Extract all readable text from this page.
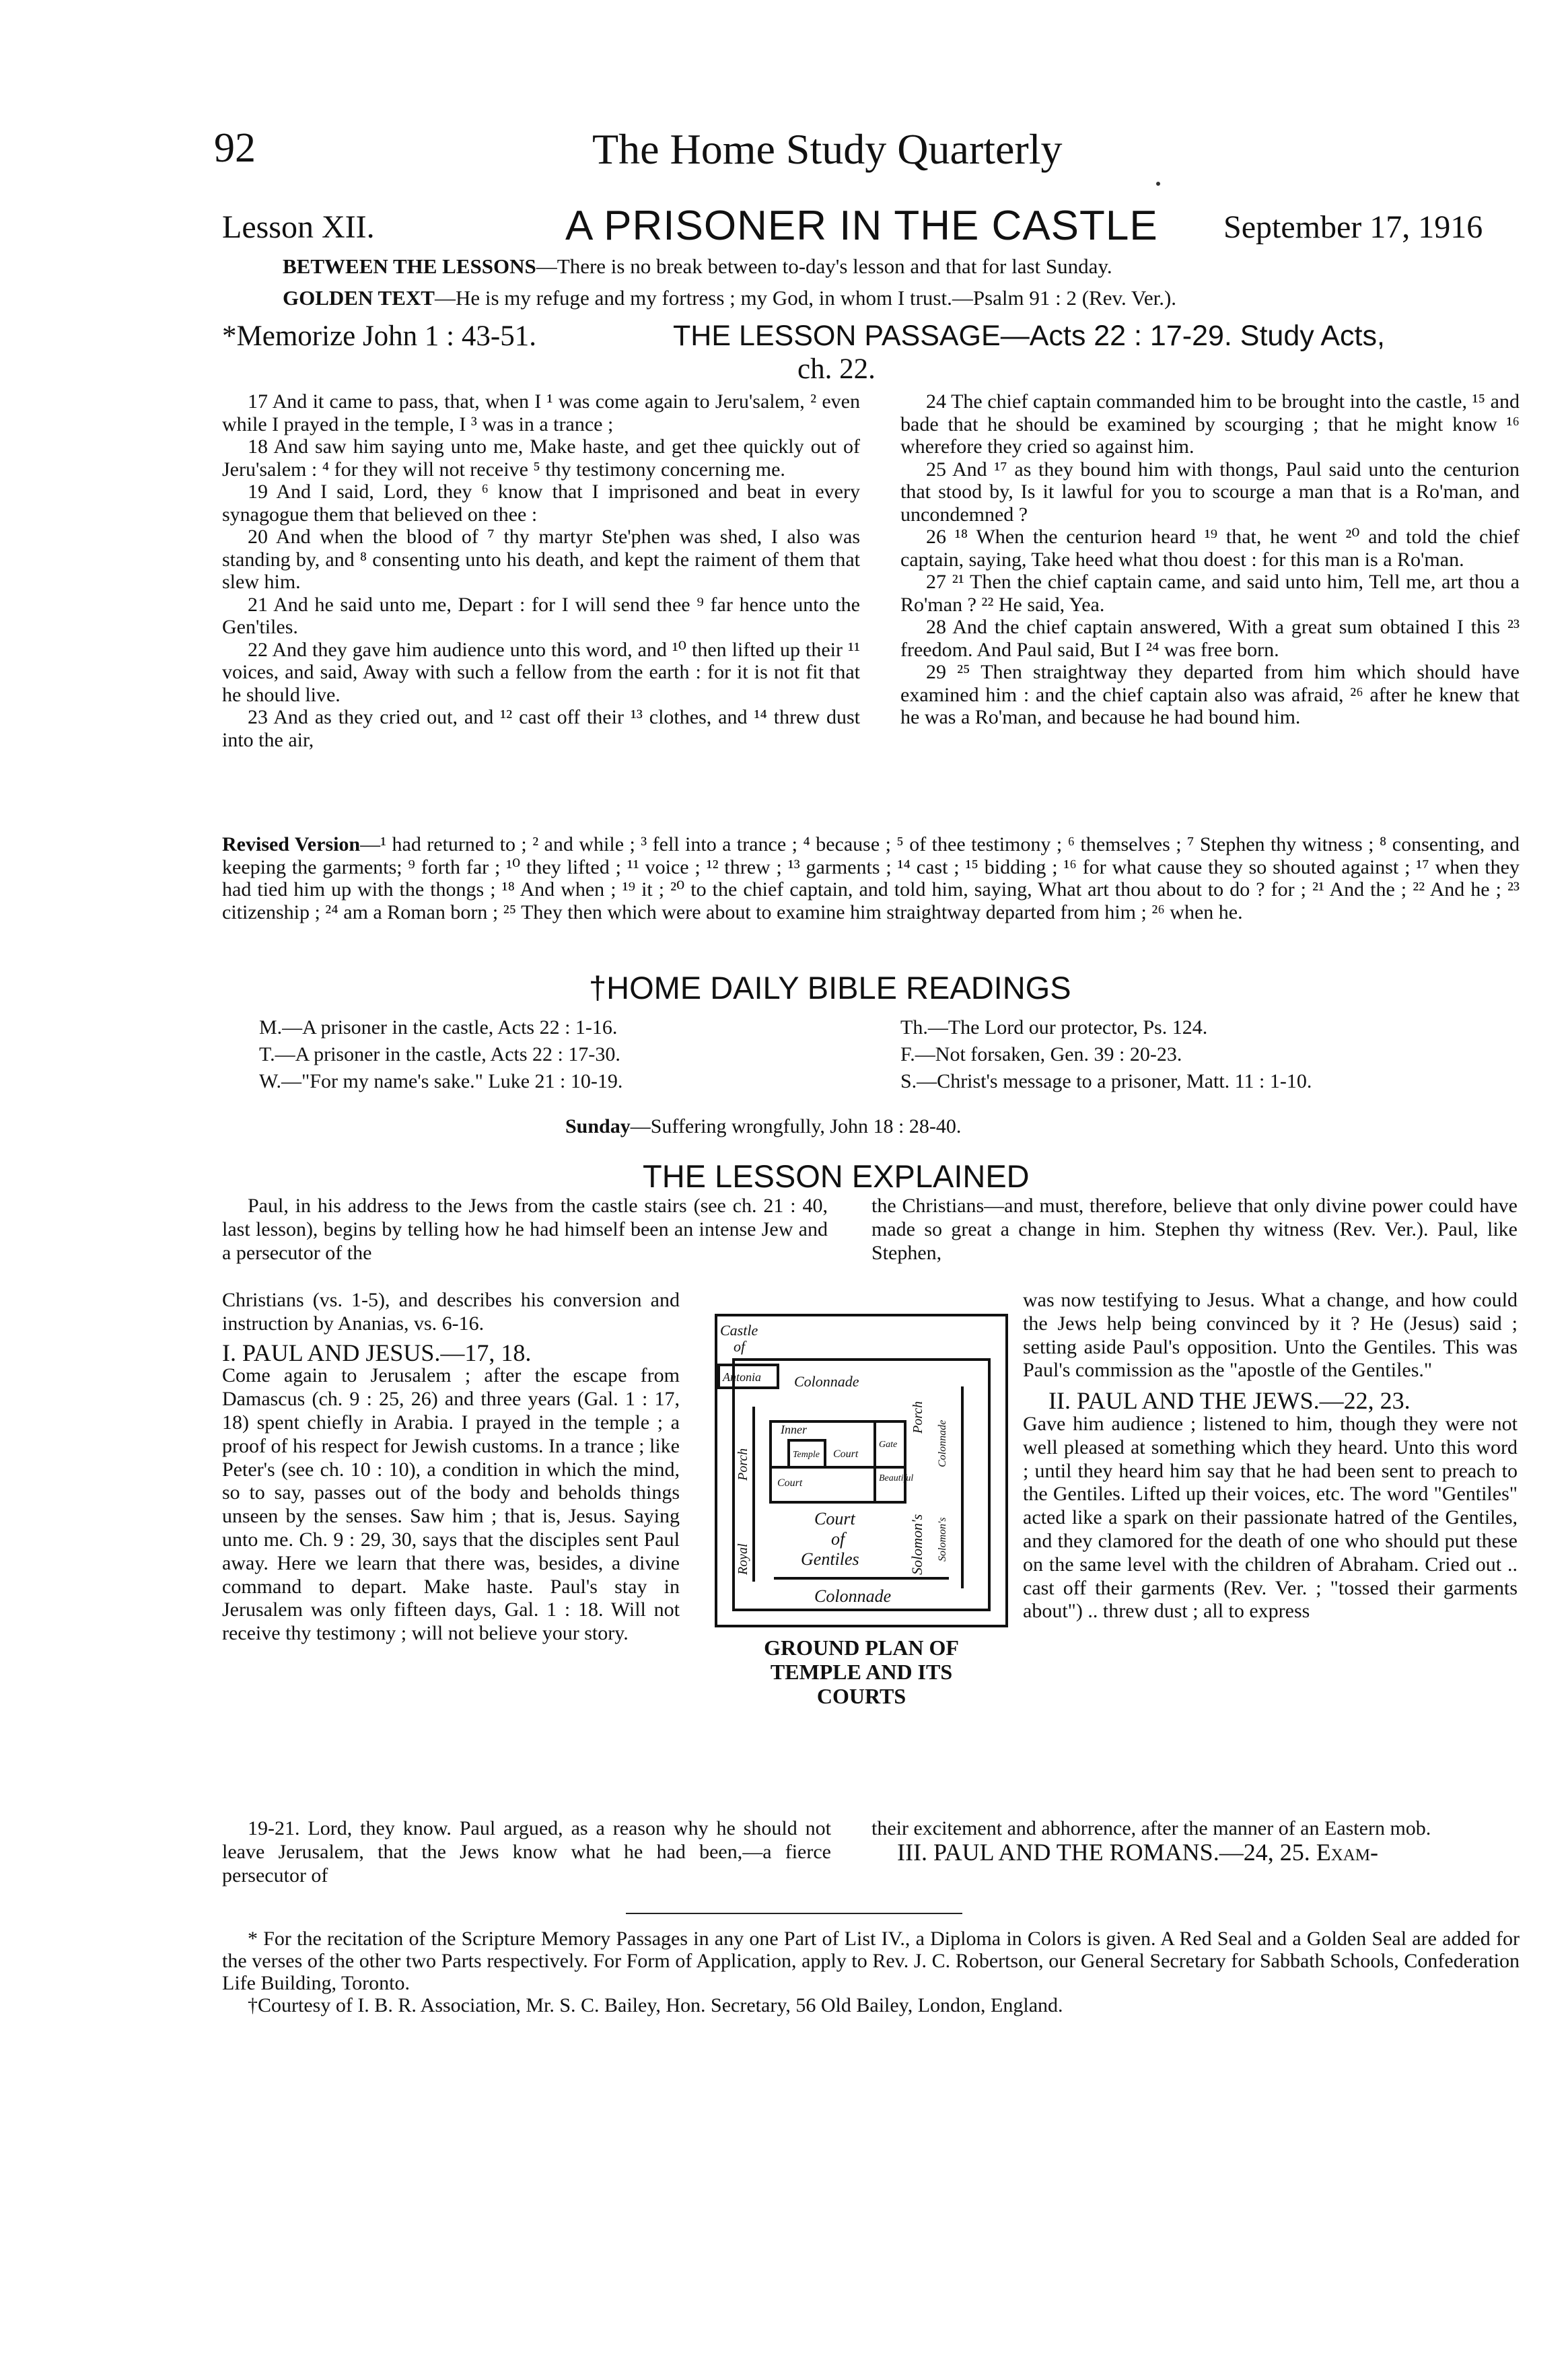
92	The Home Study Quarterly
Lesson XII.	A PRISONER IN THE CASTLE September 17, 1916
BETWEEN THE LESSONS—There is no break between to-day's lesson and that for last Sunday.
GOLDEN TEXT—He is my refuge and my fortress ; my God, in whom I trust.—Psalm 91 : 2 (Rev. Ver.).
*Memorize John 1 : 43-51.	THE LESSON PASSAGE—Acts 22 : 17-29. Study Acts,
ch. 22.

17 And it came to pass, that, when I ¹ was come again to Jeru'salem, ² even while I prayed in the temple, I ³ was in a trance ;

18 And saw him saying unto me, Make haste, and get thee quickly out of Jeru'salem : ⁴ for they will not receive ⁵ thy testimony concerning me.

19 And I said, Lord, they ⁶ know that I imprisoned and beat in every synagogue them that believed on thee :

20 And when the blood of ⁷ thy martyr Ste'phen was shed, I also was standing by, and ⁸ consenting unto his death, and kept the raiment of them that slew him.

21 And he said unto me, Depart : for I will send thee ⁹ far hence unto the Gen'tiles.

22 And they gave him audience unto this word, and ¹⁰ then lifted up their ¹¹ voices, and said, Away with such a fellow from the earth : for it is not fit that he should live.

23 And as they cried out, and ¹² cast off their ¹³ clothes, and ¹⁴ threw dust into the air,

24 The chief captain commanded him to be brought into the castle, ¹⁵ and bade that he should be examined by scourging ; that he might know ¹⁶ wherefore they cried so against him.

25 And ¹⁷ as they bound him with thongs, Paul said unto the centurion that stood by, Is it lawful for you to scourge a man that is a Ro'man, and uncondemned ?

26 ¹⁸ When the centurion heard ¹⁹ that, he went ²⁰ and told the chief captain, saying, Take heed what thou doest : for this man is a Ro'man.

27 ²¹ Then the chief captain came, and said unto him, Tell me, art thou a Ro'man ? ²² He said, Yea.

28 And the chief captain answered, With a great sum obtained I this ²³ freedom. And Paul said, But I ²⁴ was free born.

29 ²⁵ Then straightway they departed from him which should have examined him : and the chief captain also was afraid, ²⁶ after he knew that he was a Ro'man, and because he had bound him.

Revised Version—¹ had returned to ; ² and while ; ³ fell into a trance ; ⁴ because ; ⁵ of thee testimony ; ⁶ themselves ; ⁷ Stephen thy witness ; ⁸ consenting, and keeping the garments; ⁹ forth far ; ¹⁰ they lifted ; ¹¹ voice ; ¹² threw ; ¹³ garments ; ¹⁴ cast ; ¹⁵ bidding ; ¹⁶ for what cause they so shouted against ; ¹⁷ when they had tied him up with the thongs ; ¹⁸ And when ; ¹⁹ it ; ²⁰ to the chief captain, and told him, saying, What art thou about to do ? for ; ²¹ And the ; ²² And he ; ²³ citizenship ; ²⁴ am a Roman born ; ²⁵ They then which were about to examine him straightway departed from him ; ²⁶ when he.
†HOME DAILY BIBLE READINGS
M.—A prisoner in the castle, Acts 22 : 1-16.
T.—A prisoner in the castle, Acts 22 : 17-30.
W.—"For my name's sake." Luke 21 : 10-19.
Th.—The Lord our protector, Ps. 124.
F.—Not forsaken, Gen. 39 : 20-23.
S.—Christ's message to a prisoner, Matt. 11 : 1-10.
Sunday—Suffering wrongfully, John 18 : 28-40.
THE LESSON EXPLAINED

Paul, in his address to the Jews from the castle stairs (see ch. 21 : 40, last lesson), begins by telling how he had himself been an intense Jew and a persecutor of the

Christians (vs. 1-5), and describes his conversion and instruction by Ananias, vs. 6-16.

I. PAUL AND JESUS.—17, 18.

Come again to Jerusalem ; after the escape from Damascus (ch. 9 : 25, 26) and three years (Gal. 1 : 17, 18) spent chiefly in Arabia. I prayed in the temple ; a proof of his respect for Jewish customs. In a trance ; like Peter's (see ch. 10 : 10), a condition in which the mind, so to say, passes out of the body and beholds things unseen by the senses. Saw him ; that is, Jesus. Saying unto me. Ch. 9 : 29, 30, says that the disciples sent Paul away. Here we learn that there was, besides, a divine command to depart. Make haste. Paul's stay in Jerusalem was only fifteen days, Gal. 1 : 18. Will not receive thy testimony ; will not believe your story.

19-21. Lord, they know. Paul argued, as a reason why he should not leave Jerusalem, that the Jews know what he had been,—a fierce persecutor of

the Christians—and must, therefore, believe that only divine power could have made so great a change in him. Stephen thy witness (Rev. Ver.). Paul, like Stephen,

was now testifying to Jesus. What a change, and how could the Jews help being convinced by it ? He (Jesus) said ; setting aside Paul's opposition. Unto the Gentiles. This was Paul's commission as the "apostle of the Gentiles."

II. PAUL AND THE JEWS.—22, 23.

Gave him audience ; listened to him, though they were not well pleased at something which they heard. Unto this word ; until they heard him say that he had been sent to preach to the Gentiles. Lifted up their voices, etc. The word "Gentiles" acted like a spark on their passionate hatred of the Gentiles, and they clamored for the death of one who should put these on the same level with the children of Abraham. Cried out .. cast off their garments (Rev. Ver. ; "tossed their garments about") .. threw dust ; all to express

their excitement and abhorrence, after the manner of an Eastern mob.

III. PAUL AND THE ROMANS.—24, 25. Exam-

Castle
of
Antonia Colonnade
Inner
Temple Court
Court
Gate
Beautiful
Court
of
Gentiles
Colonnade
Solomon's
Porch
Solomon's
Colonnade
Royal
Porch
GROUND PLAN OF
TEMPLE AND ITS
COURTS

* For the recitation of the Scripture Memory Passages in any one Part of List IV., a Diploma in Colors is given. A Red Seal and a Golden Seal are added for the verses of the other two Parts respectively. For Form of Application, apply to Rev. J. C. Robertson, our General Secretary for Sabbath Schools, Confederation Life Building, Toronto.

†Courtesy of I. B. R. Association, Mr. S. C. Bailey, Hon. Secretary, 56 Old Bailey, London, England.
